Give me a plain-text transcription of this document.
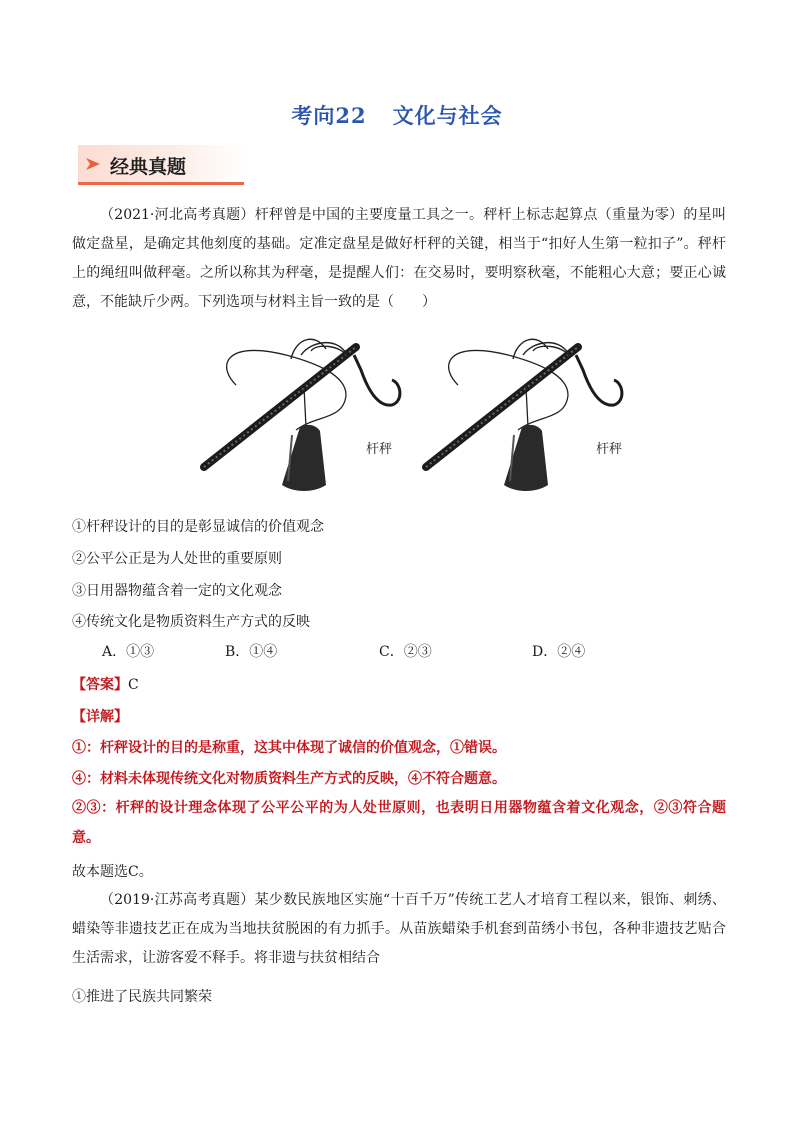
考向22 文化与社会
经典真题
（2021·河北高考真题）杆秤曾是中国的主要度量工具之一。秤杆上标志起算点（重量为零）的星叫做定盘星，是确定其他刻度的基础。定准定盘星是做好杆秤的关键，相当于“扣好人生第一粒扣子”。秤杆上的绳纽叫做秤毫。之所以称其为秤毫，是提醒人们：在交易时，要明察秋毫，不能粗心大意；要正心诚意，不能缺斤少两。下列选项与材料主旨一致的是（　　）
杆秤	杆秤
①杆秤设计的目的是彰显诚信的价值观念
②公平公正是为人处世的重要原则
③日用器物蕴含着一定的文化观念
④传统文化是物质资料生产方式的反映
A．①③	B．①④	C．②③	D．②④
【答案】C
【详解】
①：杆秤设计的目的是称重，这其中体现了诚信的价值观念，①错误。
④：材料未体现传统文化对物质资料生产方式的反映，④不符合题意。
②③：杆秤的设计理念体现了公平公平的为人处世原则，也表明日用器物蕴含着文化观念，②③符合题意。
故本题选C。
（2019·江苏高考真题）某少数民族地区实施“十百千万”传统工艺人才培育工程以来，银饰、刺绣、蜡染等非遗技艺正在成为当地扶贫脱困的有力抓手。从苗族蜡染手机套到苗绣小书包，各种非遗技艺贴合生活需求，让游客爱不释手。将非遗与扶贫相结合
①推进了民族共同繁荣
